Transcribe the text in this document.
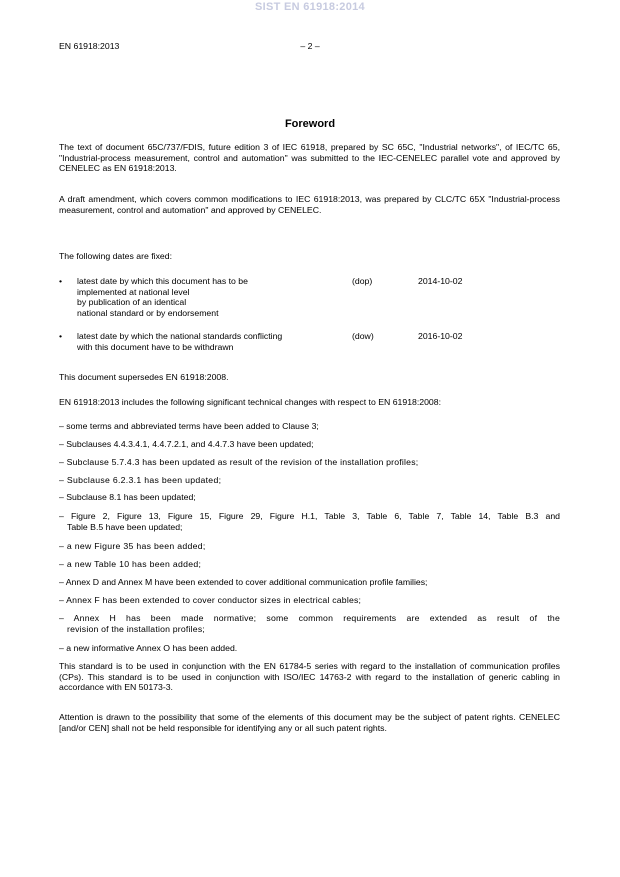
SIST EN 61918:2014
EN 61918:2013	– 2 –
Foreword

The text of document 65C/737/FDIS, future edition 3 of IEC 61918, prepared by SC 65C, "Industrial networks", of IEC/TC 65, "Industrial-process measurement, control and automation" was submitted to the IEC-CENELEC parallel vote and approved by CENELEC as EN 61918:2013.

A draft amendment, which covers common modifications to IEC 61918:2013, was prepared by CLC/TC 65X "Industrial-process measurement, control and automation" and approved by CENELEC.

The following dates are fixed:

• latest date by which this document has to be
implemented at national level
by publication of an identical
national standard or by endorsement
(dop)	2014-10-02
• latest date by which the national standards conflicting
with this document have to be withdrawn
(dow)	2016-10-02

This document supersedes EN 61918:2008.

EN 61918:2013 includes the following significant technical changes with respect to EN 61918:2008:

– some terms and abbreviated terms have been added to Clause 3;
– Subclauses 4.4.3.4.1, 4.4.7.2.1, and 4.4.7.3 have been updated;
– Subclause 5.7.4.3 has been updated as result of the revision of the installation profiles;
– Subclause 6.2.3.1 has been updated;
– Subclause 8.1 has been updated;
– Figure 2, Figure 13, Figure 15, Figure 29, Figure H.1, Table 3, Table 6, Table 7, Table 14, Table B.3 and
Table B.5 have been updated;
– a new Figure 35 has been added;
– a new Table 10 has been added;
– Annex D and Annex M have been extended to cover additional communication profile families;
– Annex F has been extended to cover conductor sizes in electrical cables;
– Annex H has been made normative; some common requirements are extended as result of the
revision of the installation profiles;
– a new informative Annex O has been added.

This standard is to be used in conjunction with the EN 61784-5 series with regard to the installation of communication profiles (CPs). This standard is to be used in conjunction with ISO/IEC 14763-2 with regard to the installation of generic cabling in accordance with EN 50173-3.

Attention is drawn to the possibility that some of the elements of this document may be the subject of patent rights. CENELEC [and/or CEN] shall not be held responsible for identifying any or all such patent rights.
